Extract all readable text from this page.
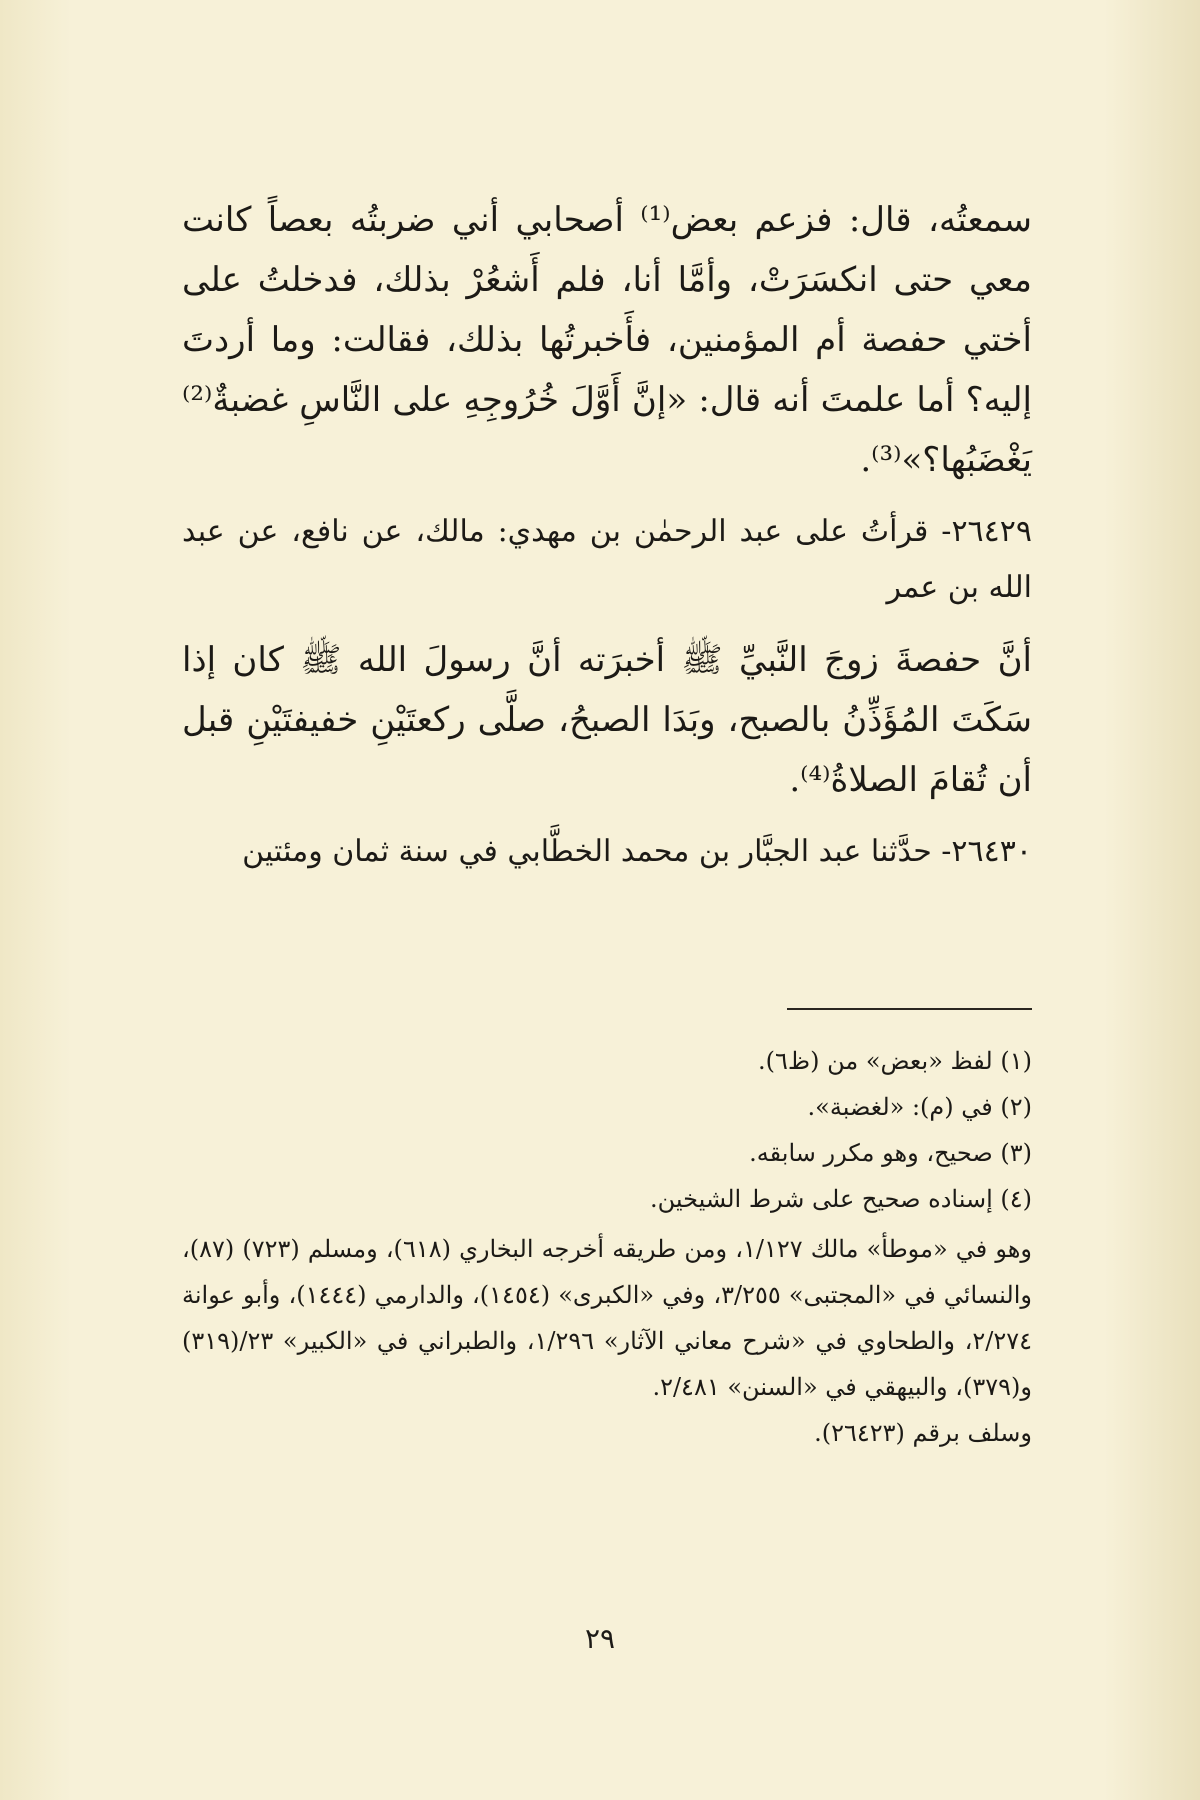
سمعتُه، قال: فزعم بعض⁽¹⁾ أصحابي أني ضربتُه بعصاً كانت معي حتى انكسَرَتْ، وأمَّا أنا، فلم أَشعُرْ بذلك، فدخلتُ على أختي حفصة أم المؤمنين، فأَخبرتُها بذلك، فقالت: وما أردتَ إليه؟ أما علمتَ أنه قال: «إنَّ أَوَّلَ خُرُوجِهِ على النَّاسِ غضبةٌ⁽²⁾ يَغْضَبُها؟»⁽³⁾.

٢٦٤٢٩- قرأتُ على عبد الرحمٰن بن مهدي: مالك، عن نافع، عن عبد الله بن عمر

أنَّ حفصةَ زوجَ النَّبيِّ ﷺ أخبرَته أنَّ رسولَ الله ﷺ كان إذا سَكَتَ المُؤَذِّنُ بالصبح، وبَدَا الصبحُ، صلَّى ركعتَيْنِ خفيفتَيْنِ قبل أن تُقامَ الصلاةُ⁽⁴⁾.

٢٦٤٣٠- حدَّثنا عبد الجبَّار بن محمد الخطَّابي في سنة ثمان ومئتين

(١) لفظ «بعض» من (ظ٦).

(٢) في (م): «لغضبة».

(٣) صحيح، وهو مكرر سابقه.

(٤) إسناده صحيح على شرط الشيخين.

وهو في «موطأ» مالك ١/١٢٧، ومن طريقه أخرجه البخاري (٦١٨)، ومسلم (٧٢٣) (٨٧)، والنسائي في «المجتبى» ٣/٢٥٥، وفي «الكبرى» (١٤٥٤)، والدارمي (١٤٤٤)، وأبو عوانة ٢/٢٧٤، والطحاوي في «شرح معاني الآثار» ١/٢٩٦، والطبراني في «الكبير» ٢٣/(٣١٩) و(٣٧٩)، والبيهقي في «السنن» ٢/٤٨١.

وسلف برقم (٢٦٤٢٣).

٢٩
